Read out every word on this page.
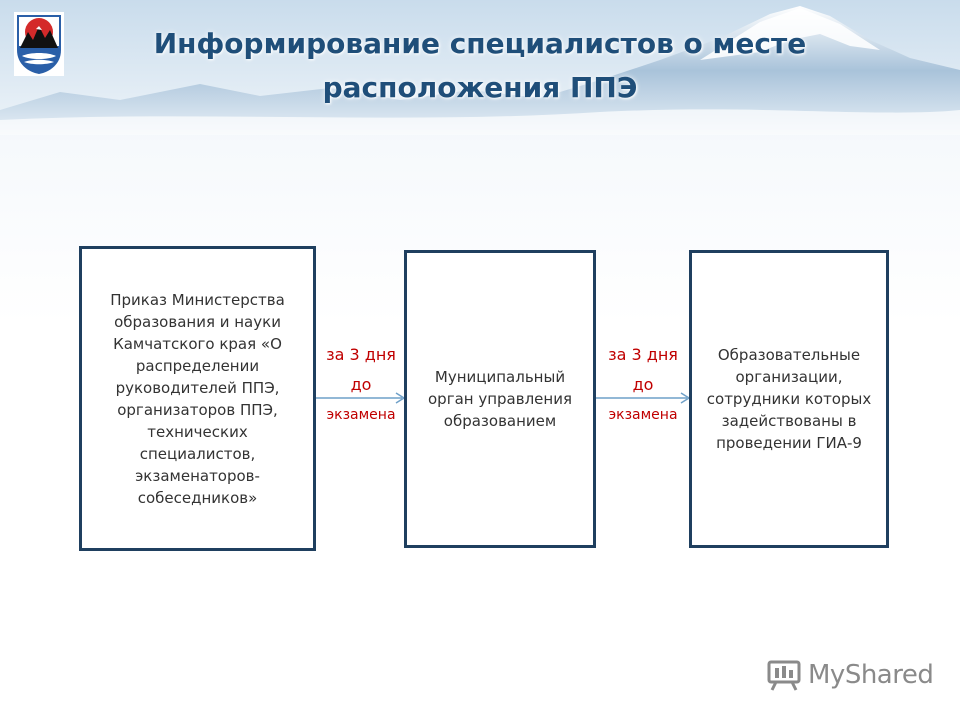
Информирование специалистов о месте расположения ППЭ
Приказ Министерства образования и науки Камчатского края «О распределении руководителей ППЭ, организаторов ППЭ, технических специалистов, экзаменаторов-собеседников»
за 3 дня
до
экзамена
Муниципальный орган управления образованием
за 3 дня
до
экзамена
Образовательные организации, сотрудники которых задействованы в проведении ГИА-9
MyShared
